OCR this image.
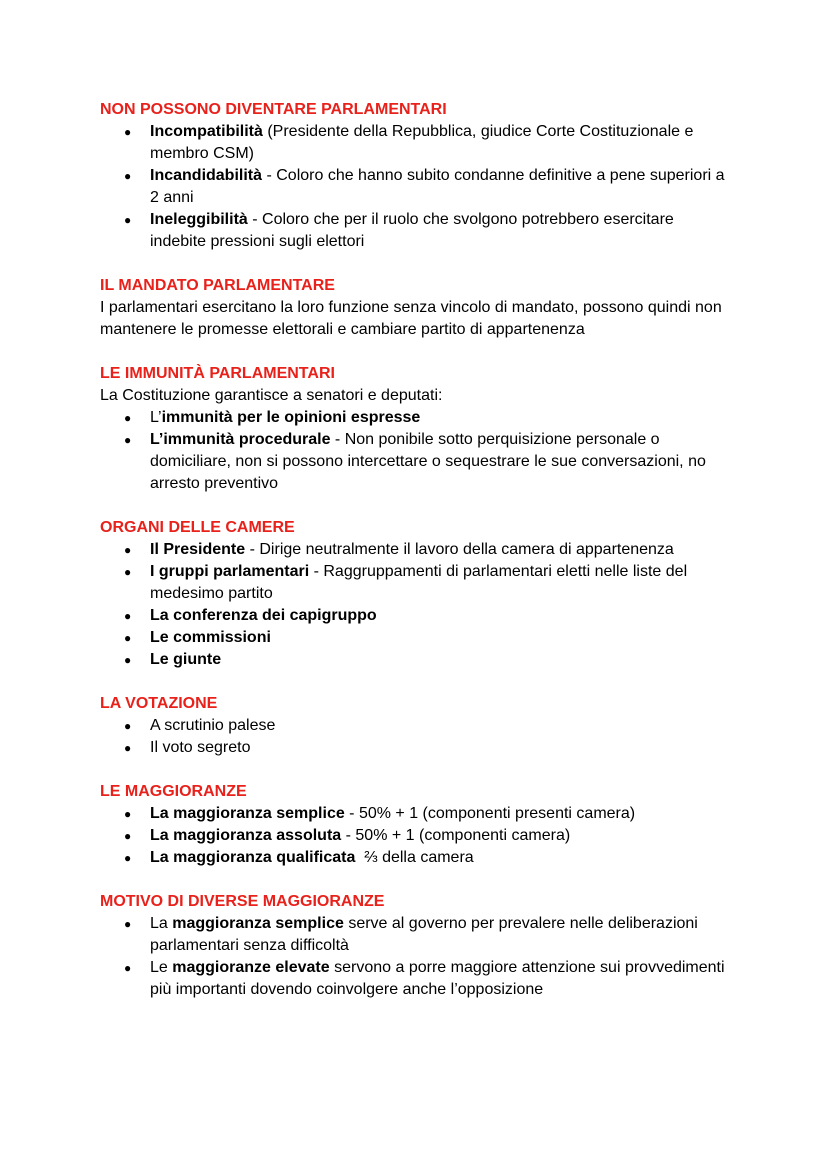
NON POSSONO DIVENTARE PARLAMENTARI
● Incompatibilità (Presidente della Repubblica, giudice Corte Costituzionale e membro CSM)
● Incandidabilità - Coloro che hanno subito condanne definitive a pene superiori a 2 anni
● Ineleggibilità - Coloro che per il ruolo che svolgono potrebbero esercitare indebite pressioni sugli elettori
IL MANDATO PARLAMENTARE

I parlamentari esercitano la loro funzione senza vincolo di mandato, possono quindi non mantenere le promesse elettorali e cambiare partito di appartenenza

LE IMMUNITÀ PARLAMENTARI

La Costituzione garantisce a senatori e deputati:

● L’immunità per le opinioni espresse
● L’immunità procedurale - Non ponibile sotto perquisizione personale o domiciliare, non si possono intercettare o sequestrare le sue conversazioni, no arresto preventivo
ORGANI DELLE CAMERE
● Il Presidente - Dirige neutralmente il lavoro della camera di appartenenza
● I gruppi parlamentari - Raggruppamenti di parlamentari eletti nelle liste del medesimo partito
● La conferenza dei capigruppo
● Le commissioni
● Le giunte
LA VOTAZIONE
● A scrutinio palese
● Il voto segreto
LE MAGGIORANZE
● La maggioranza semplice - 50% + 1 (componenti presenti camera)
● La maggioranza assoluta - 50% + 1 (componenti camera)
● La maggioranza qualificata  ⅔ della camera
MOTIVO DI DIVERSE MAGGIORANZE
● La maggioranza semplice serve al governo per prevalere nelle deliberazioni parlamentari senza difficoltà
● Le maggioranze elevate servono a porre maggiore attenzione sui provvedimenti più importanti dovendo coinvolgere anche l’opposizione
